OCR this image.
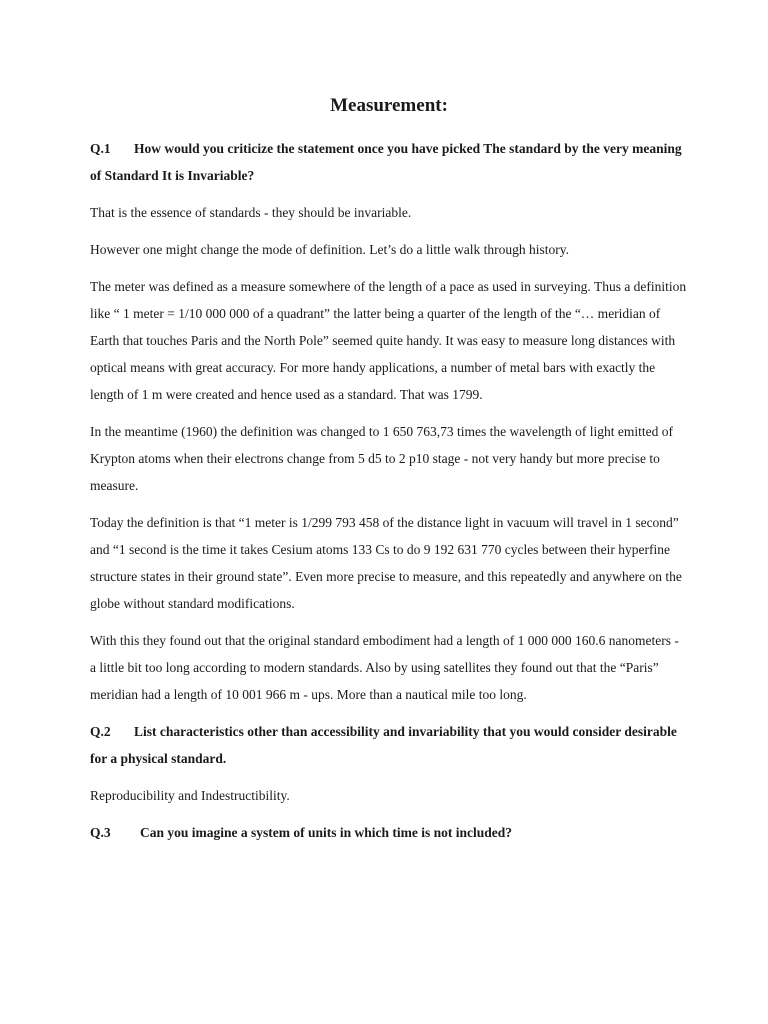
Measurement:

Q.1 How would you criticize the statement once you have picked The standard by the very meaning of Standard It is Invariable?

That is the essence of standards - they should be invariable.

However one might change the mode of definition. Let’s do a little walk through history.

The meter was defined as a measure somewhere of the length of a pace as used in surveying. Thus a definition like “ 1 meter = 1/10 000 000 of a quadrant” the latter being a quarter of the length of the “… meridian of Earth that touches Paris and the North Pole” seemed quite handy. It was easy to measure long distances with optical means with great accuracy. For more handy applications, a number of metal bars with exactly the length of 1 m were created and hence used as a standard. That was 1799.

In the meantime (1960) the definition was changed to 1 650 763,73 times the wavelength of light emitted of Krypton atoms when their electrons change from 5 d5 to 2 p10 stage - not very handy but more precise to measure.

Today the definition is that “1 meter is 1/299 793 458 of the distance light in vacuum will travel in 1 second” and “1 second is the time it takes Cesium atoms 133 Cs to do 9 192 631 770 cycles between their hyperfine structure states in their ground state”. Even more precise to measure, and this repeatedly and anywhere on the globe without standard modifications.

With this they found out that the original standard embodiment had a length of 1 000 000 160.6 nanometers - a little bit too long according to modern standards. Also by using satellites they found out that the “Paris” meridian had a length of 10 001 966 m - ups. More than a nautical mile too long.

Q.2 List characteristics other than accessibility and invariability that you would consider desirable for a physical standard.

Reproducibility and Indestructibility.

Q.3 Can you imagine a system of units in which time is not included?
